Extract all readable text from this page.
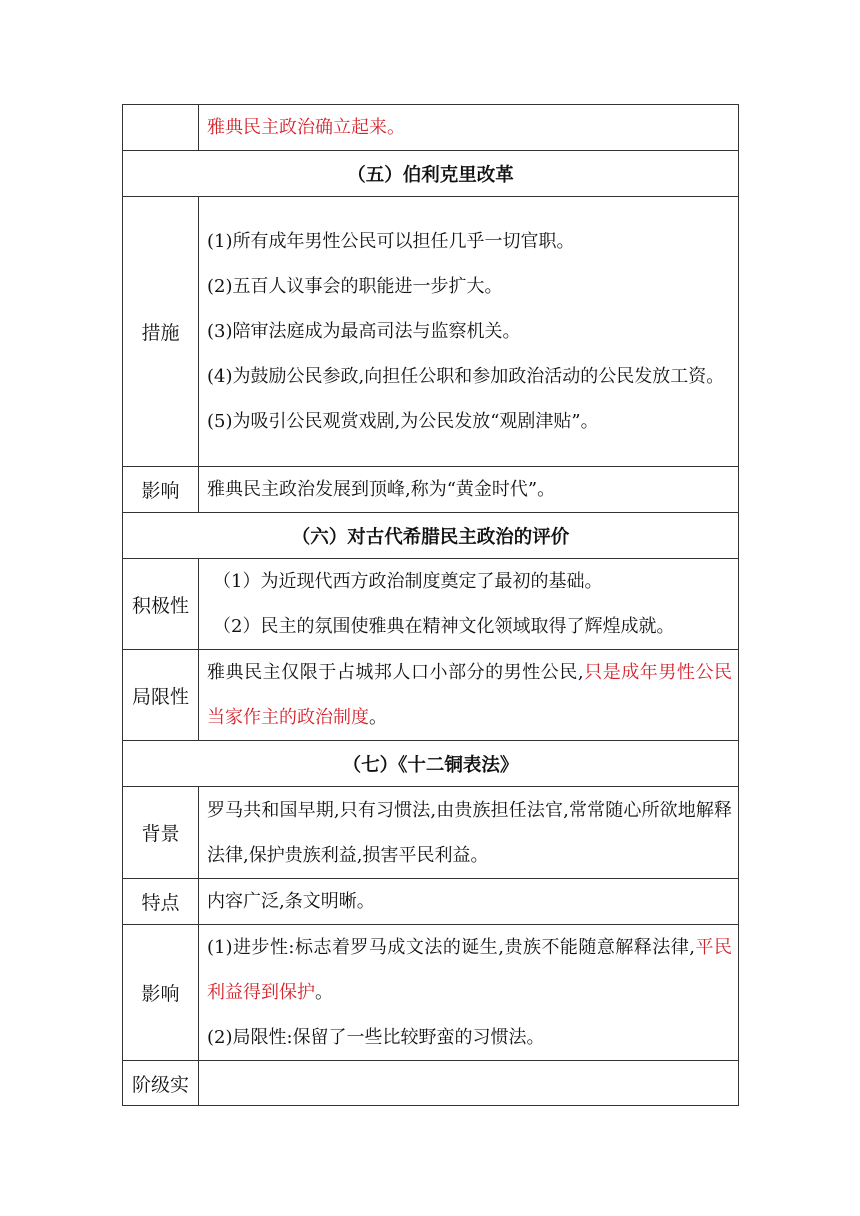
	雅典民主政治确立起来。

（五）伯利克里改革	
措施	(1)所有成年男性公民可以担任几乎一切官职。
(2)五百人议事会的职能进一步扩大。
(3)陪审法庭成为最高司法与监察机关。
(4)为鼓励公民参政,向担任公职和参加政治活动的公民发放工资。
(5)为吸引公民观赏戏剧,为公民发放“观剧津贴”。

影响	雅典民主政治发展到顶峰,称为“黄金时代”。

（六）对古代希腊民主政治的评价	
积极性	（1）为近现代西方政治制度奠定了最初的基础。
（2）民主的氛围使雅典在精神文化领域取得了辉煌成就。

局限性	雅典民主仅限于占城邦人口小部分的男性公民,只是成年男性公民当家作主的政治制度。

（七）《十二铜表法》	
背景	罗马共和国早期,只有习惯法,由贵族担任法官,常常随心所欲地解释法律,保护贵族利益,损害平民利益。

特点	内容广泛,条文明晰。

影响	(1)进步性:标志着罗马成文法的诞生,贵族不能随意解释法律,平民利益得到保护。
(2)局限性:保留了一些比较野蛮的习惯法。

阶级实	
